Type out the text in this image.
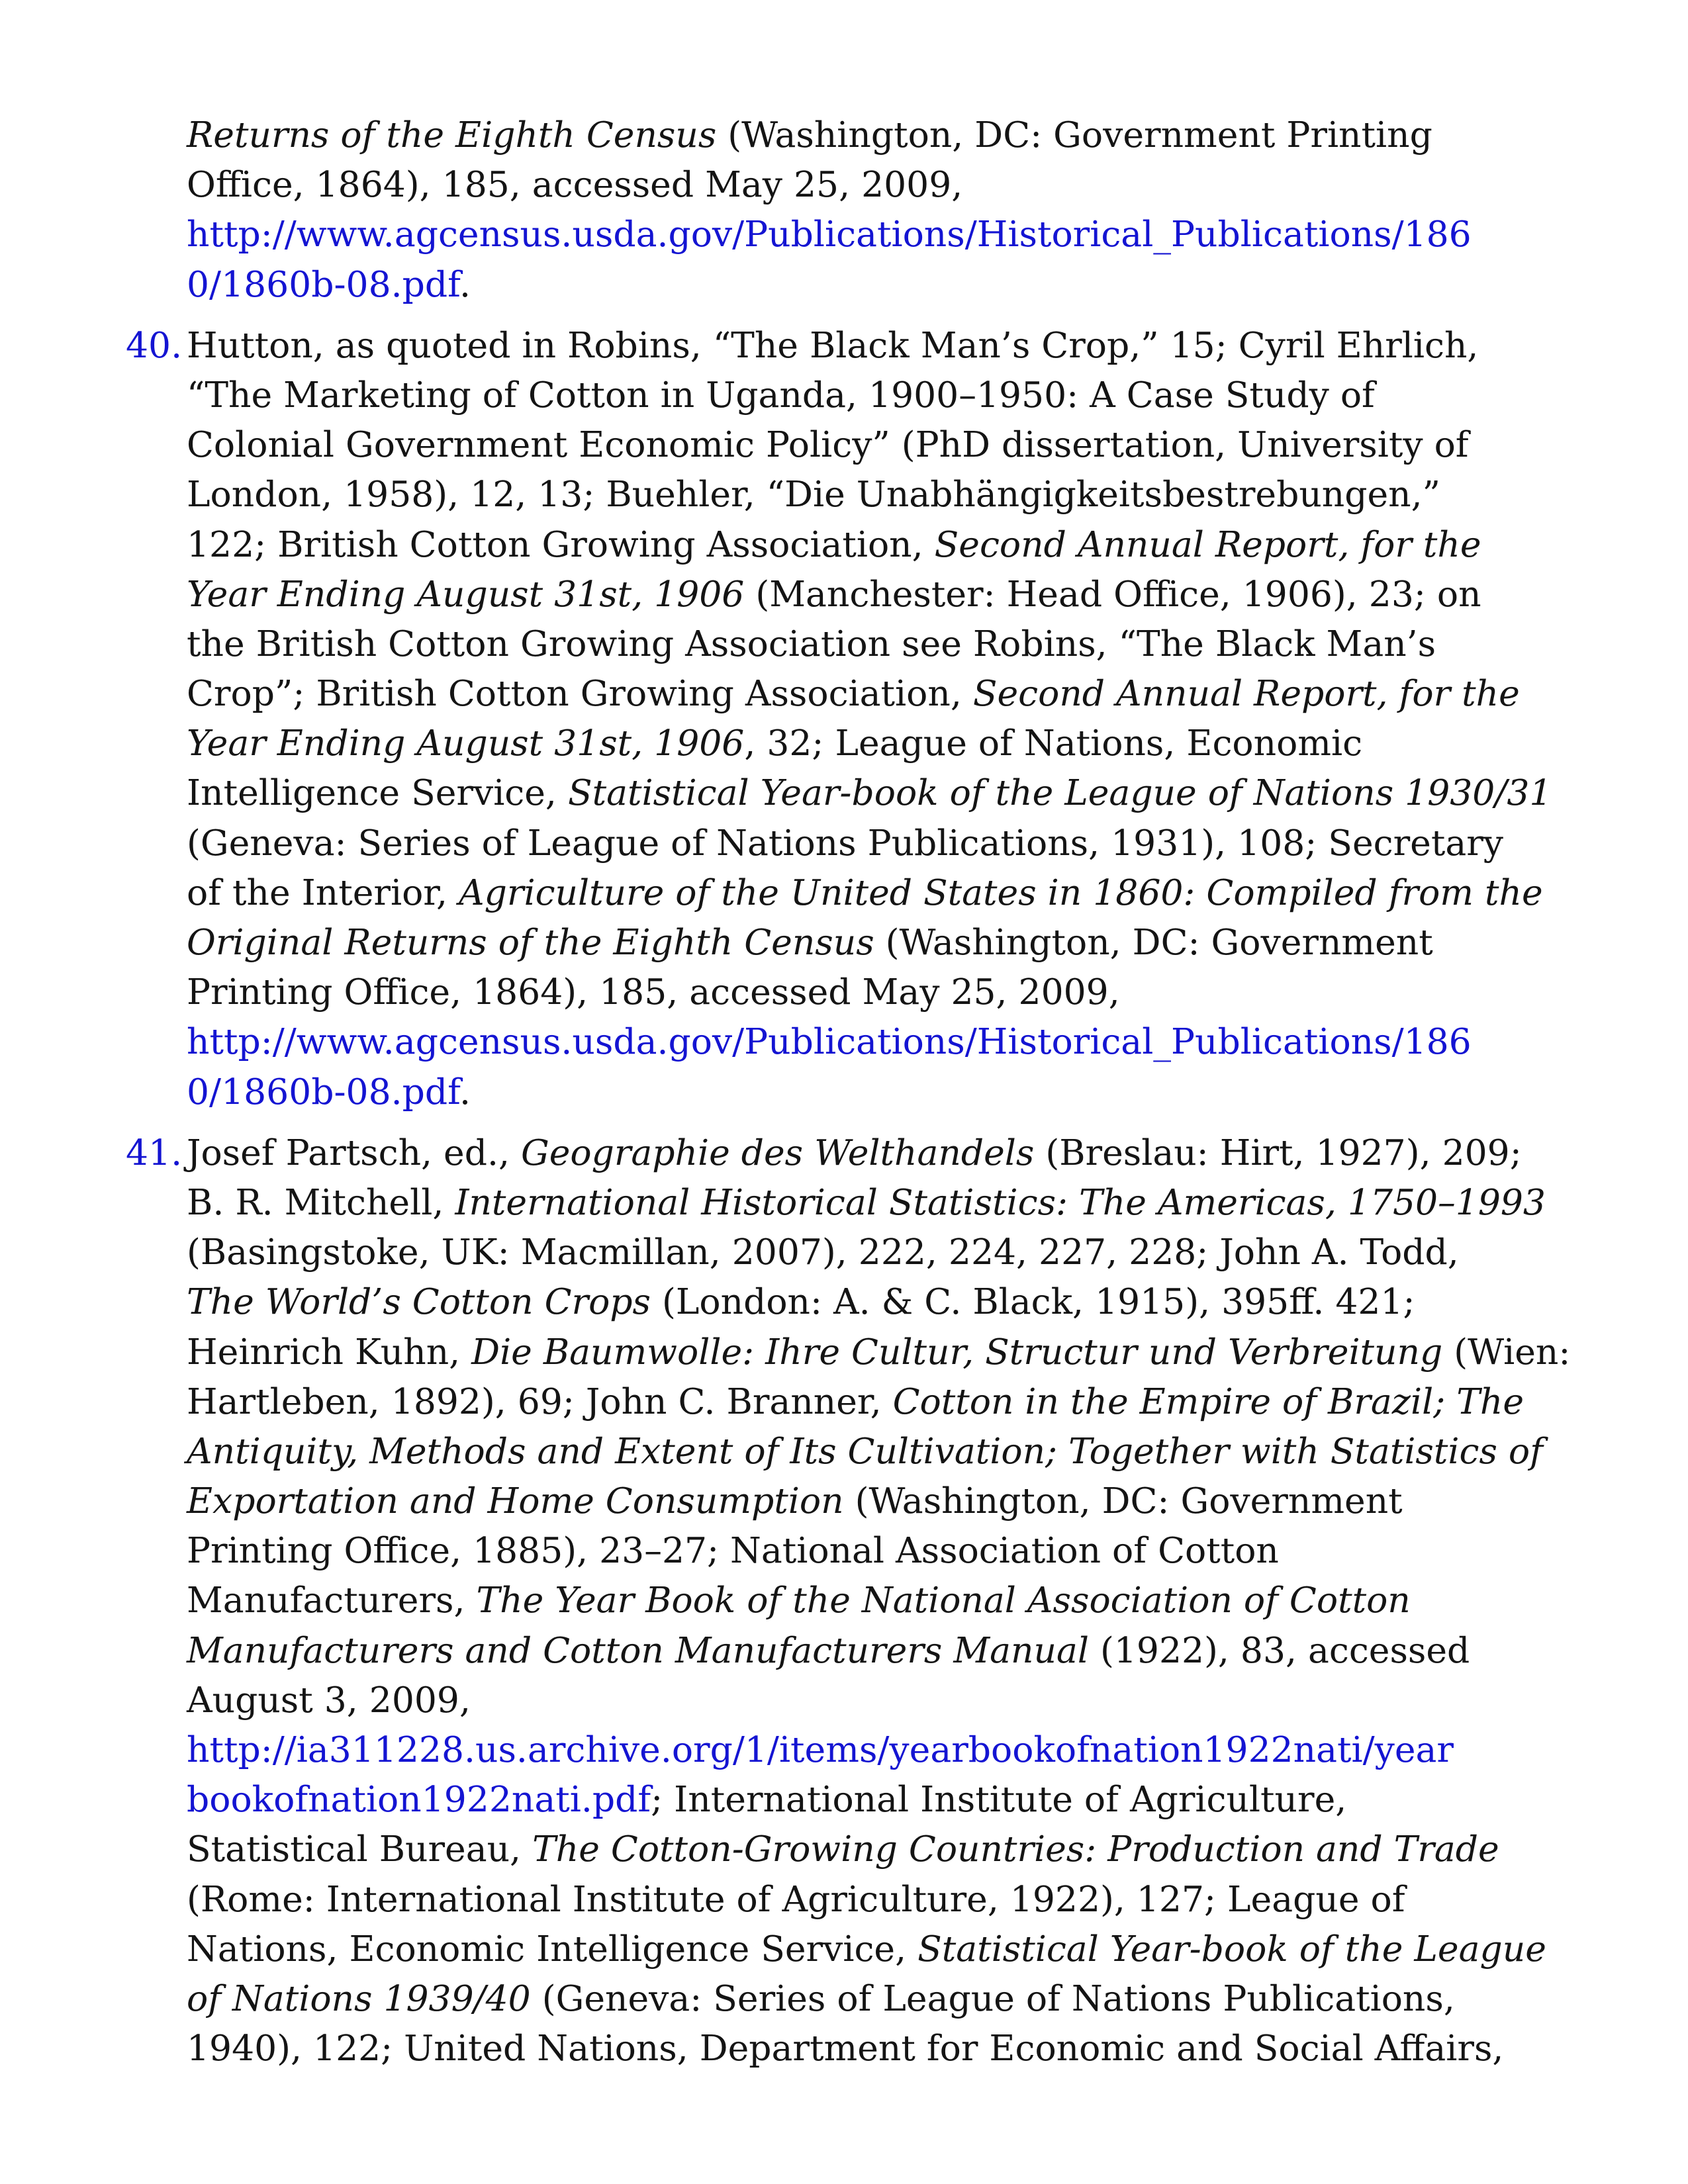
Returns of the Eighth Census (Washington, DC: Government Printing
Office, 1864), 185, accessed May 25, 2009,
http://www.agcensus.usda.gov/Publications/Historical_Publications/186
0/1860b-08.pdf.
40. Hutton, as quoted in Robins, “The Black Man’s Crop,” 15; Cyril Ehrlich,
“The Marketing of Cotton in Uganda, 1900–1950: A Case Study of
Colonial Government Economic Policy” (PhD dissertation, University of
London, 1958), 12, 13; Buehler, “Die Unabhängigkeitsbestrebungen,”
122; British Cotton Growing Association, Second Annual Report, for the
Year Ending August 31st, 1906 (Manchester: Head Office, 1906), 23; on
the British Cotton Growing Association see Robins, “The Black Man’s
Crop”; British Cotton Growing Association, Second Annual Report, for the
Year Ending August 31st, 1906, 32; League of Nations, Economic
Intelligence Service, Statistical Year-book of the League of Nations 1930/31
(Geneva: Series of League of Nations Publications, 1931), 108; Secretary
of the Interior, Agriculture of the United States in 1860: Compiled from the
Original Returns of the Eighth Census (Washington, DC: Government
Printing Office, 1864), 185, accessed May 25, 2009,
http://www.agcensus.usda.gov/Publications/Historical_Publications/186
0/1860b-08.pdf.
41. Josef Partsch, ed., Geographie des Welthandels (Breslau: Hirt, 1927), 209;
B. R. Mitchell, International Historical Statistics: The Americas, 1750–1993
(Basingstoke, UK: Macmillan, 2007), 222, 224, 227, 228; John A. Todd,
The World’s Cotton Crops (London: A. & C. Black, 1915), 395ff. 421;
Heinrich Kuhn, Die Baumwolle: Ihre Cultur, Structur und Verbreitung (Wien:
Hartleben, 1892), 69; John C. Branner, Cotton in the Empire of Brazil; The
Antiquity, Methods and Extent of Its Cultivation; Together with Statistics of
Exportation and Home Consumption (Washington, DC: Government
Printing Office, 1885), 23–27; National Association of Cotton
Manufacturers, The Year Book of the National Association of Cotton
Manufacturers and Cotton Manufacturers Manual (1922), 83, accessed
August 3, 2009,
http://ia311228.us.archive.org/1/items/yearbookofnation1922nati/year
bookofnation1922nati.pdf; International Institute of Agriculture,
Statistical Bureau, The Cotton-Growing Countries: Production and Trade
(Rome: International Institute of Agriculture, 1922), 127; League of
Nations, Economic Intelligence Service, Statistical Year-book of the League
of Nations 1939/40 (Geneva: Series of League of Nations Publications,
1940), 122; United Nations, Department for Economic and Social Affairs,
